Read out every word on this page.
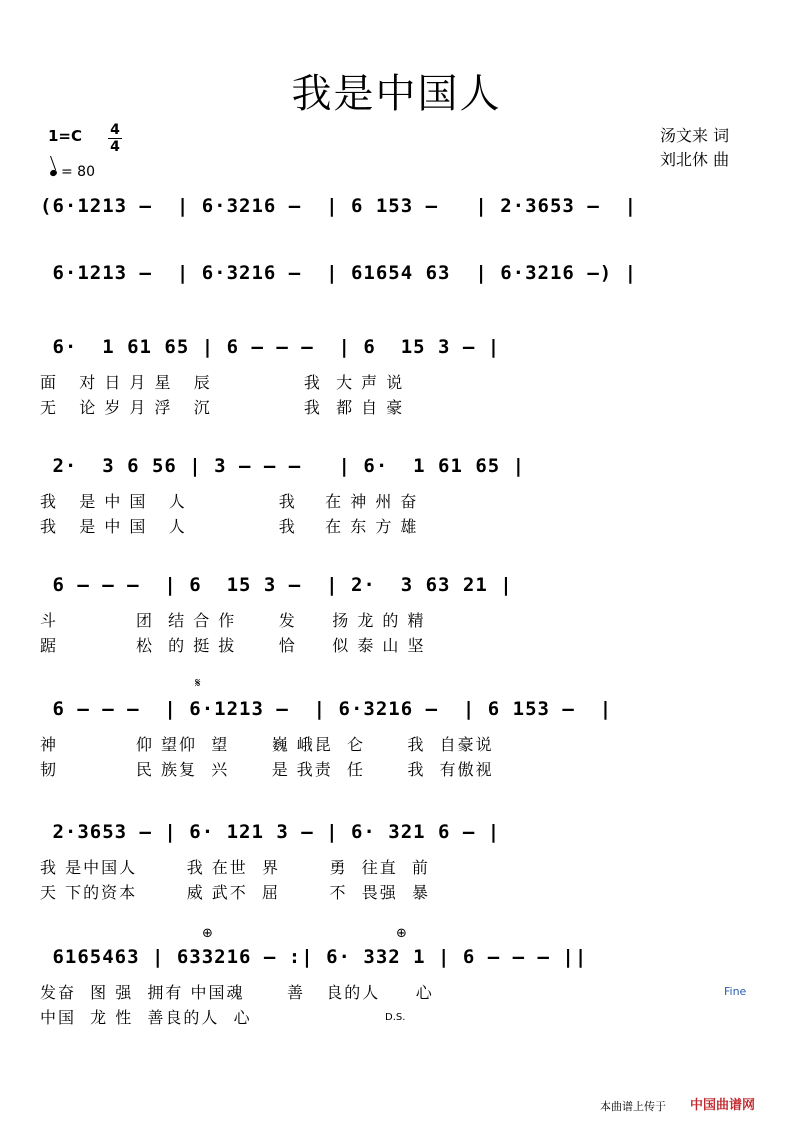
我是中国人
1=C 4
4
= 80
汤文来 词
刘北休 曲
(6·1213 –  | 6·3216 –  | 6 153 –   | 2·3653 –  |
6·1213 –  | 6·3216 –  | 61654 63  | 6·3216 –) |
6·  1 61 65 | 6 – – –  | 6  15 3 – |
面   对 日 月 星   辰             我  大 声 说
无   论 岁 月 浮   沉             我  都 自 豪
2·  3 6 56 | 3 – – –   | 6·  1 61 65 |
我   是 中 国   人             我    在 神 州 奋
我   是 中 国   人             我    在 东 方 雄
6 – – –  | 6  15 3 –  | 2·  3 63 21 |
斗           团  结 合 作      发     扬 龙 的 精
踞           松  的 挺 拔      恰     似 泰 山 坚
𝄋
6 – – –  | 6·1213 –  | 6·3216 –  | 6 153 –  |
神           仰 望仰  望      巍 峨昆  仑      我  自豪说
韧           民 族复  兴      是 我责  任      我  有傲视
2·3653 – | 6· 121 3 – | 6· 321 6 – |
我 是中国人       我 在世  界       勇  往直  前
天 下的资本       威 武不  屈       不  畏强  暴
⊕	⊕
6165463 | 633216 – :| 6· 332 1 | 6 – – – ||
发奋  图 强  拥有 中国魂      善   良的人     心
中国  龙 性  善良的人  心
Fine
D.S.
本曲谱上传于 中国曲谱网
